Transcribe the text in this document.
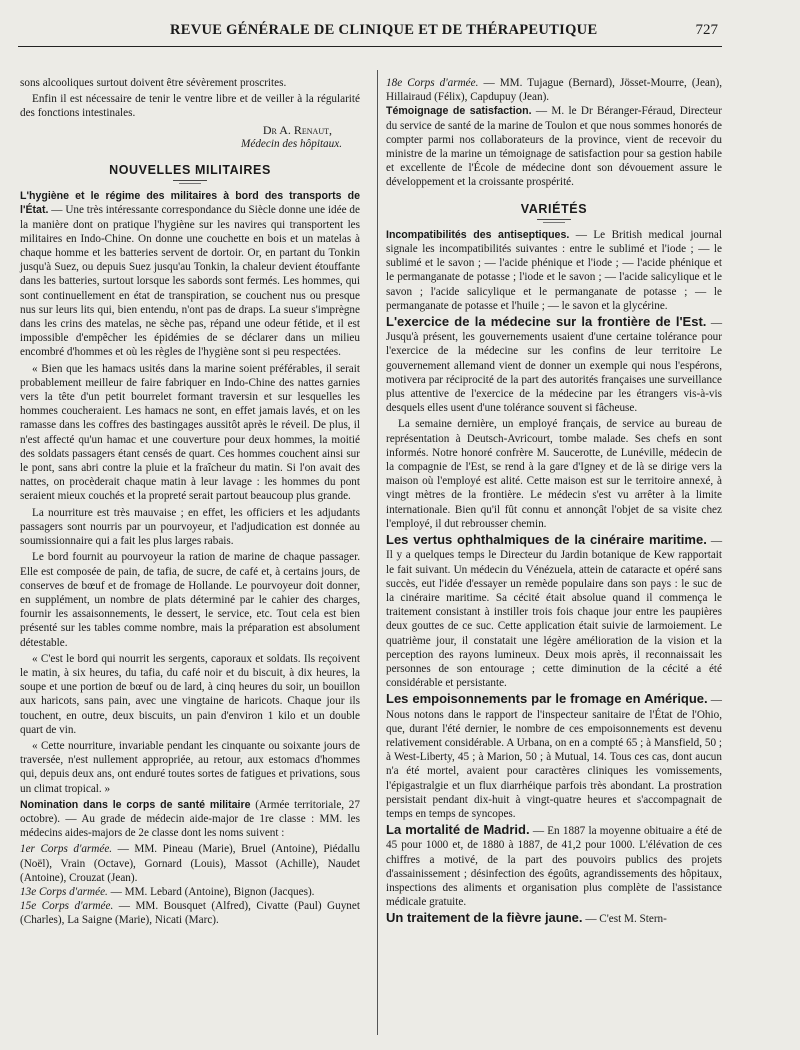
REVUE GÉNÉRALE DE CLINIQUE ET DE THÉRAPEUTIQUE	727

sons alcooliques surtout doivent être sévèrement proscrites.

Enfin il est nécessaire de tenir le ventre libre et de veiller à la régularité des fonctions intestinales.

Dr A. Renaut,
Médecin des hôpitaux.
NOUVELLES MILITAIRES

L'hygiène et le régime des militaires à bord des transports de l'État. — Une très intéressante correspondance du Siècle donne une idée de la manière dont on pratique l'hygiène sur les navires qui transportent les militaires en Indo-Chine. On donne une couchette en bois et un matelas à chaque homme et les batteries servent de dortoir. Or, en partant du Tonkin jusqu'à Suez, ou depuis Suez jusqu'au Tonkin, la chaleur devient étouffante dans les batteries, surtout lorsque les sabords sont fermés. Les hommes, qui sont continuellement en état de transpiration, se couchent nus ou presque nus sur leurs lits qui, bien entendu, n'ont pas de draps. La sueur s'imprègne dans les crins des matelas, ne sèche pas, répand une odeur fétide, et il est impossible d'empêcher les épidémies de se déclarer dans un milieu encombré d'hommes et où les règles de l'hygiène sont si peu respectées.

« Bien que les hamacs usités dans la marine soient préférables, il serait probablement meilleur de faire fabriquer en Indo-Chine des nattes garnies vers la tête d'un petit bourrelet formant traversin et sur lesquelles les hommes coucheraient. Les hamacs ne sont, en effet jamais lavés, et on les ramasse dans les coffres des bastingages aussitôt après le réveil. De plus, il n'est affecté qu'un hamac et une couverture pour deux hommes, la moitié des soldats passagers étant censés de quart. Ces hommes couchent ainsi sur le pont, sans abri contre la pluie et la fraîcheur du matin. Si l'on avait des nattes, on procèderait chaque matin à leur lavage : les hommes du pont seraient mieux couchés et la propreté serait partout beaucoup plus grande.

La nourriture est très mauvaise ; en effet, les officiers et les adjudants passagers sont nourris par un pourvoyeur, et l'adjudication est donnée au soumissionnaire qui a fait les plus larges rabais.

Le bord fournit au pourvoyeur la ration de marine de chaque passager. Elle est composée de pain, de tafia, de sucre, de café et, à certains jours, de conserves de bœuf et de fromage de Hollande. Le pourvoyeur doit donner, en supplément, un nombre de plats déterminé par le cahier des charges, fournir les assaisonnements, le dessert, le service, etc. Tout cela est bien présenté sur les tables comme nombre, mais la préparation est absolument détestable.

« C'est le bord qui nourrit les sergents, caporaux et soldats. Ils reçoivent le matin, à six heures, du tafia, du café noir et du biscuit, à dix heures, la soupe et une portion de bœuf ou de lard, à cinq heures du soir, un bouillon aux haricots, sans pain, avec une vingtaine de haricots. Chaque jour ils touchent, en outre, deux biscuits, un pain d'environ 1 kilo et un double quart de vin.

« Cette nourriture, invariable pendant les cinquante ou soixante jours de traversée, n'est nullement appropriée, au retour, aux estomacs d'hommes qui, depuis deux ans, ont enduré toutes sortes de fatigues et privations, sous un climat tropical. »

Nomination dans le corps de santé militaire (Armée territoriale, 27 octobre). — Au grade de médecin aide-major de 1re classe : MM. les médecins aides-majors de 2e classe dont les noms suivent :

1er Corps d'armée. — MM. Pineau (Marie), Bruel (Antoine), Piédallu (Noël), Vrain (Octave), Gornard (Louis), Massot (Achille), Naudet (Antoine), Crouzat (Jean).

13e Corps d'armée. — MM. Lebard (Antoine), Bignon (Jacques).

15e Corps d'armée. — MM. Bousquet (Alfred), Civatte (Paul) Guynet (Charles), La Saigne (Marie), Nicati (Marc).

18e Corps d'armée. — MM. Tujague (Bernard), Jösset-Mourre, (Jean), Hillairaud (Félix), Capdupuy (Jean).

Témoignage de satisfaction. — M. le Dr Béranger-Féraud, Directeur du service de santé de la marine de Toulon et que nous sommes honorés de compter parmi nos collaborateurs de la province, vient de recevoir du ministre de la marine un témoignage de satisfaction pour sa gestion habile et excellente de l'École de médecine dont son dévouement assure le développement et la croissante prospérité.

VARIÉTÉS

Incompatibilités des antiseptiques. — Le British medical journal signale les incompatibilités suivantes : entre le sublimé et l'iode ; — le sublimé et le savon ; — l'acide phénique et l'iode ; — l'acide phénique et le permanganate de potasse ; l'iode et le savon ; — l'acide salicylique et le savon ; l'acide salicylique et le permanganate de potasse ; — le permanganate de potasse et l'huile ; — le savon et la glycérine.

L'exercice de la médecine sur la frontière de l'Est. — Jusqu'à présent, les gouvernements usaient d'une certaine tolérance pour l'exercice de la médecine sur les confins de leur territoire Le gouvernement allemand vient de donner un exemple qui nous l'espérons, motivera par réciprocité de la part des autorités françaises une surveillance plus attentive de l'exercice de la médecine par les étrangers vis-à-vis desquels elles usent d'une tolérance souvent si fâcheuse.

La semaine dernière, un employé français, de service au bureau de représentation à Deutsch-Avricourt, tombe malade. Ses chefs en sont informés. Notre honoré confrère M. Saucerotte, de Lunéville, médecin de la compagnie de l'Est, se rend à la gare d'Igney et de là se dirige vers la maison où l'employé est alité. Cette maison est sur le territoire annexé, à vingt mètres de la frontière. Le médecin s'est vu arrêter à la limite internationale. Bien qu'il fût connu et annonçât l'objet de sa visite chez l'employé, il dut rebrousser chemin.

Les vertus ophthalmiques de la cinéraire maritime. — Il y a quelques temps le Directeur du Jardin botanique de Kew rapportait le fait suivant. Un médecin du Vénézuela, attein de cataracte et opéré sans succès, eut l'idée d'essayer un remède populaire dans son pays : le suc de la cinéraire maritime. Sa cécité était absolue quand il commença le traitement consistant à instiller trois fois chaque jour entre les paupières deux gouttes de ce suc. Cette application était suivie de larmoiement. Le quatrième jour, il constatait une légère amélioration de la vision et la perception des rayons lumineux. Deux mois après, il reconnaissait les personnes de son entourage ; cette diminution de la cécité a été considérable et persistante.

Les empoisonnements par le fromage en Amérique. — Nous notons dans le rapport de l'inspecteur sanitaire de l'État de l'Ohio, que, durant l'été dernier, le nombre de ces empoisonnements est devenu relativement considérable. A Urbana, on en a compté 65 ; à Mansfield, 50 ; à West-Liberty, 45 ; à Marion, 50 ; à Mutual, 14. Tous ces cas, dont aucun n'a été mortel, avaient pour caractères cliniques les vomissements, l'épigastralgie et un flux diarrhéique parfois très abondant. La prostration persistait pendant dix-huit à vingt-quatre heures et s'accompagnait de temps en temps de syncopes.

La mortalité de Madrid. — En 1887 la moyenne obituaire a été de 45 pour 1000 et, de 1880 à 1887, de 41,2 pour 1000. L'élévation de ces chiffres a motivé, de la part des pouvoirs publics des projets d'assainissement ; désinfection des égoûts, agrandissements des hôpitaux, inspections des aliments et organisation plus complète de l'assistance médicale gratuite.

Un traitement de la fièvre jaune. — C'est M. Stern-
